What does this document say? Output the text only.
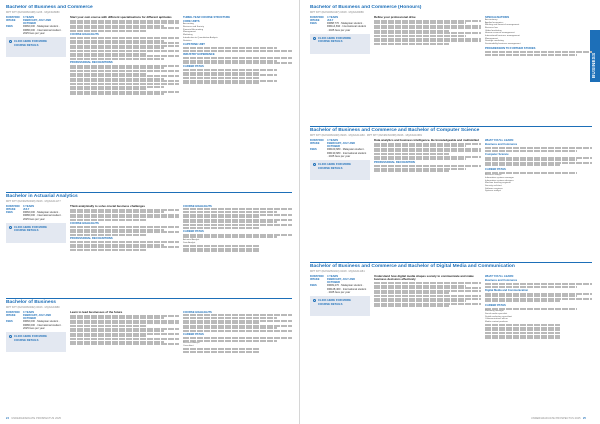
Bachelor of Business and Commerce
MPT KPT (R2/340/6/0198) 11/26 · MQA/FA8080
DURATION 3 YEARS
INTAKE	FEBRUARY, JULY AND OCTOBER
FEES	RM66,000 · Malaysian student · RM86,000 · International student · 2025 fees per year
CLICK HERE FOR MORE COURSE DETAILS
Start your own course with different specialisations for different aptitudes
COURSE HIGHLIGHTS
PROFESSIONAL RECOGNITIONS
THREE-YEAR COURSE STRUCTURE
CORE UNITS
Accounting
Business and Society
Financial Accounting
Management
Marketing
Introduction to Quantitative Analysis
Statistics
CAPSTONE UNIT
INDUSTRY EXPERIENCE
CAREER PATHS
Bachelor in Actuarial Analytics
MPT KPT (R2/462/6/0028) 09/26 · MQA/FA11177
DURATION 3 YEARS
INTAKE	JULY
FEES	RM66,000 · Malaysian student · RM86,000 · International student · 2025 fees per year
CLICK HERE FOR MORE COURSE DETAILS
Think analytically to solve crucial business challenges
COURSE HIGHLIGHTS
PROFESSIONAL RECOGNITIONS
COURSE HIGHLIGHTS
CAREER PATHS
Actuarial Analyst
Data Analyst
Bachelor of Business
MPT KPT (R2/340/6/0092) 06/26 · MQA/FA4980
DURATION 3 YEARS
INTAKE	FEBRUARY, JULY AND OCTOBER
FEES	RM66,000 · Malaysian student · RM86,000 · International student · 2025 fees per year
CLICK HERE FOR MORE COURSE DETAILS
Learn to lead businesses of the future	COURSE HIGHLIGHTS
CAREER PATHS
Business Analyst
Consultant
24 UNDERGRADUATE PROSPECTUS 2025
BUSINESS
Bachelor of Business and Commerce (Honours)
MPT KPT (R2/340/6/0197) 03/28 · MQA/FA9089
DURATION 4 YEARS
INTAKE	JULY
FEES	RM88,770 · Malaysian student · RM114,690 · International student · 2025 fees per year
CLICK HERE FOR MORE COURSE DETAILS
Refine your professional drive	SPECIALISATIONS
Accountancy
Applied economics
Banking and financial management
Business law
Global marketing
Human resource management
International business management
Management
Strategic marketing
Sustainability business management
PROGRESSION TO FURTHER STUDIES
Bachelor of Business and Commerce and Bachelor of Computer Science
MPT KPT (R2/340/6/0248) 09/26 · MQA/FA11160 · MPT KPT (R2/481/6/0398) 09/26 · MQA/FA10981
DURATION 4 YEARS
INTAKE	FEBRUARY, JULY AND OCTOBER
FEES	RM100,680 · Malaysian student · RM130,680 · International student · 2025 fees per year
CLICK HERE FOR MORE COURSE DETAILS
Data analytics and business intelligence. Be knowledgeable and multiskilled
PROFESSIONAL RECOGNITION
WHAT YOU'LL LEARN
Business and Commerce
Computer Science
CAREER PATHS
Business analyst
Information systems manager
Information systems designer
Machine learning engineer
Security architect
Software engineer
Systems analyst
Bachelor of Business and Commerce and Bachelor of Digital Media and Communication
MPT KPT (R2/342/6/0210) 02/28 · MQA/FA11181
DURATION 4 YEARS
INTAKE	FEBRUARY, JULY AND OCTOBER
FEES	RM99,270 · Malaysian student · RM128,460 · International student · 2025 fees per year
CLICK HERE FOR MORE COURSE DETAILS
Understand how digital media shapes society to communicate and make business decisions effectively
WHAT YOU'LL LEARN
Business and Commerce
Digital Media and Communication
CAREER PATHS
Marketing manager
Social media specialist
Digital marketing consultant
Communications officer
Media content producer
UNDERGRADUATE PROSPECTUS 2025 25
